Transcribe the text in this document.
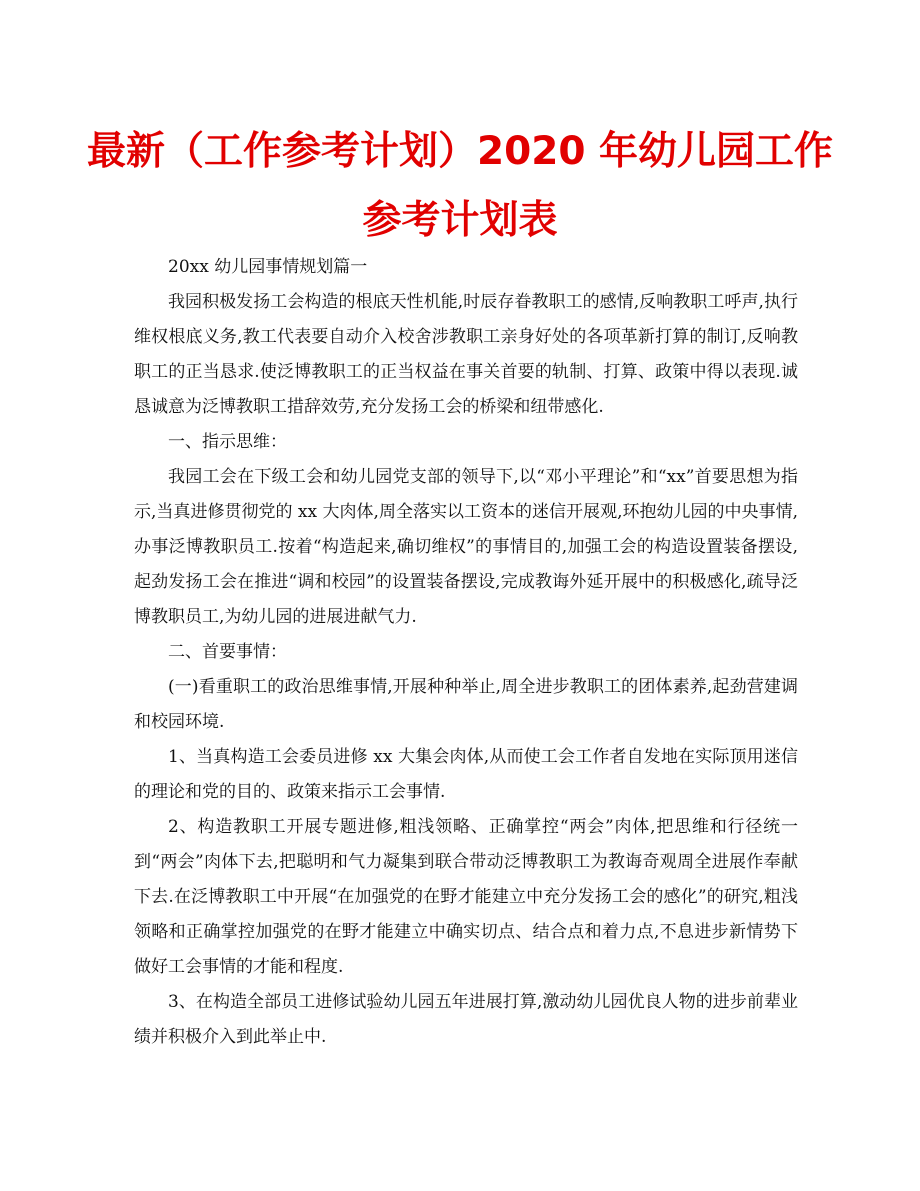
最新（工作参考计划）2020 年幼儿园工作
参考计划表

20xx 幼儿园事情规划篇一

我园积极发扬工会构造的根底天性机能,时辰存眷教职工的感情,反响教职工呼声,执行维权根底义务,教工代表要自动介入校舍涉教职工亲身好处的各项革新打算的制订,反响教职工的正当恳求.使泛博教职工的正当权益在事关首要的轨制、打算、政策中得以表现.诚恳诚意为泛博教职工措辞效劳,充分发扬工会的桥梁和纽带感化.

一、指示思维：

我园工会在下级工会和幼儿园党支部的领导下,以“邓小平理论”和“xx”首要思想为指示,当真进修贯彻党的 xx 大肉体,周全落实以工资本的迷信开展观,环抱幼儿园的中央事情,办事泛博教职员工.按着“构造起来,确切维权”的事情目的,加强工会的构造设置装备摆设,起劲发扬工会在推进“调和校园”的设置装备摆设,完成教诲外延开展中的积极感化,疏导泛博教职员工,为幼儿园的进展进献气力.

二、首要事情：

(一)看重职工的政治思维事情,开展种种举止,周全进步教职工的团体素养,起劲营建调和校园环境.

1、当真构造工会委员进修 xx 大集会肉体,从而使工会工作者自发地在实际顶用迷信的理论和党的目的、政策来指示工会事情.

2、构造教职工开展专题进修,粗浅领略、正确掌控“两会”肉体,把思维和行径统一到“两会”肉体下去,把聪明和气力凝集到联合带动泛博教职工为教诲奇观周全进展作奉献下去.在泛博教职工中开展“在加强党的在野才能建立中充分发扬工会的感化”的研究,粗浅领略和正确掌控加强党的在野才能建立中确实切点、结合点和着力点,不息进步新情势下做好工会事情的才能和程度.

3、在构造全部员工进修试验幼儿园五年进展打算,激动幼儿园优良人物的进步前辈业绩并积极介入到此举止中.
